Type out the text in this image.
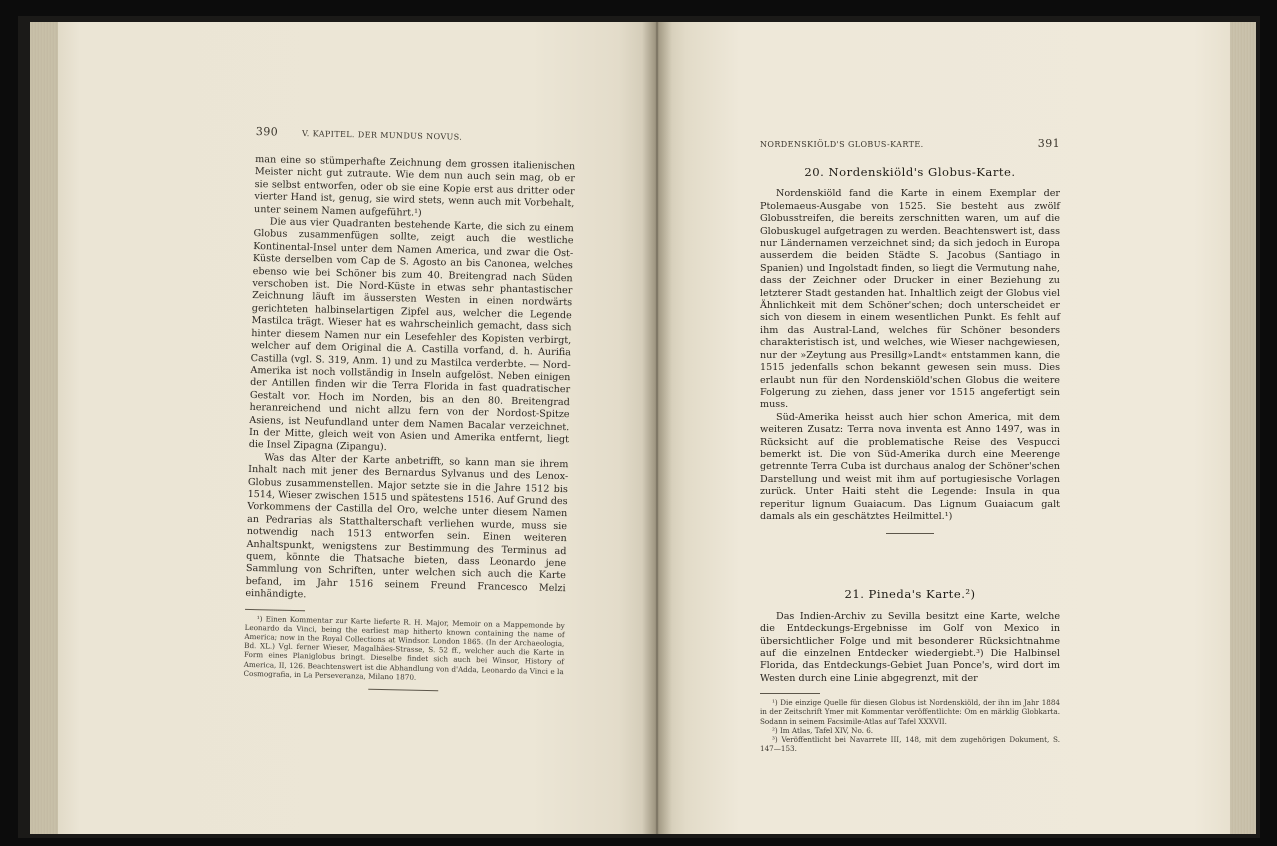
390	V. KAPITEL. DER MUNDUS NOVUS.

man eine so stümperhafte Zeichnung dem grossen italienischen Meister nicht gut zutraute. Wie dem nun auch sein mag, ob er sie selbst entworfen, oder ob sie eine Kopie erst aus dritter oder vierter Hand ist, genug, sie wird stets, wenn auch mit Vorbehalt, unter seinem Namen aufgeführt.¹)

Die aus vier Quadranten bestehende Karte, die sich zu einem Globus zusammenfügen sollte, zeigt auch die westliche Kontinental-Insel unter dem Namen America, und zwar die Ost-Küste derselben vom Cap de S. Agosto an bis Canonea, welches ebenso wie bei Schöner bis zum 40. Breitengrad nach Süden verschoben ist. Die Nord-Küste in etwas sehr phantastischer Zeichnung läuft im äussersten Westen in einen nordwärts gerichteten halbinselartigen Zipfel aus, welcher die Legende Mastilca trägt. Wieser hat es wahrscheinlich gemacht, dass sich hinter diesem Namen nur ein Lesefehler des Kopisten verbirgt, welcher auf dem Original die A. Castilla vorfand, d. h. Aurifia Castilla (vgl. S. 319, Anm. 1) und zu Mastilca verderbte. — Nord-Amerika ist noch vollständig in Inseln aufgelöst. Neben einigen der Antillen finden wir die Terra Florida in fast quadratischer Gestalt vor. Hoch im Norden, bis an den 80. Breitengrad heranreichend und nicht allzu fern von der Nordost-Spitze Asiens, ist Neufundland unter dem Namen Bacalar verzeichnet. In der Mitte, gleich weit von Asien und Amerika entfernt, liegt die Insel Zipagna (Zipangu).

Was das Alter der Karte anbetrifft, so kann man sie ihrem Inhalt nach mit jener des Bernardus Sylvanus und des Lenox-Globus zusammenstellen. Major setzte sie in die Jahre 1512 bis 1514, Wieser zwischen 1515 und spätestens 1516. Auf Grund des Vorkommens der Castilla del Oro, welche unter diesem Namen an Pedrarias als Statthalterschaft verliehen wurde, muss sie notwendig nach 1513 entworfen sein. Einen weiteren Anhaltspunkt, wenigstens zur Bestimmung des Terminus ad quem, könnte die Thatsache bieten, dass Leonardo jene Sammlung von Schriften, unter welchen sich auch die Karte befand, im Jahr 1516 seinem Freund Francesco Melzi einhändigte.

¹) Einen Kommentar zur Karte lieferte R. H. Major, Memoir on a Mappemonde by Leonardo da Vinci, being the earliest map hitherto known containing the name of America; now in the Royal Collections at Windsor. London 1865. (In der Archaeologia, Bd. XL.) Vgl. ferner Wieser, Magalhães-Strasse, S. 52 ff., welcher auch die Karte in Form eines Planiglobus bringt. Dieselbe findet sich auch bei Winsor, History of America, II, 126. Beachtenswert ist die Abhandlung von d'Adda, Leonardo da Vinci e la Cosmografia, in La Perseveranza, Milano 1870.

NORDENSKIÖLD'S GLOBUS-KARTE.	391
20. Nordenskiöld's Globus-Karte.

Nordenskiöld fand die Karte in einem Exemplar der Ptolemaeus-Ausgabe von 1525. Sie besteht aus zwölf Globusstreifen, die bereits zerschnitten waren, um auf die Globuskugel aufgetragen zu werden. Beachtenswert ist, dass nur Ländernamen verzeichnet sind; da sich jedoch in Europa ausserdem die beiden Städte S. Jacobus (Santiago in Spanien) und Ingolstadt finden, so liegt die Vermutung nahe, dass der Zeichner oder Drucker in einer Beziehung zu letzterer Stadt gestanden hat. Inhaltlich zeigt der Globus viel Ähnlichkeit mit dem Schöner'schen; doch unterscheidet er sich von diesem in einem wesentlichen Punkt. Es fehlt auf ihm das Austral-Land, welches für Schöner besonders charakteristisch ist, und welches, wie Wieser nachgewiesen, nur der »Zeytung aus Presillg»Landt« entstammen kann, die 1515 jedenfalls schon bekannt gewesen sein muss. Dies erlaubt nun für den Nordenskiöld'schen Globus die weitere Folgerung zu ziehen, dass jener vor 1515 angefertigt sein muss.

Süd-Amerika heisst auch hier schon America, mit dem weiteren Zusatz: Terra nova inventa est Anno 1497, was in Rücksicht auf die problematische Reise des Vespucci bemerkt ist. Die von Süd-Amerika durch eine Meerenge getrennte Terra Cuba ist durchaus analog der Schöner'schen Darstellung und weist mit ihm auf portugiesische Vorlagen zurück. Unter Haiti steht die Legende: Insula in qua reperitur lignum Guaiacum. Das Lignum Guaiacum galt damals als ein geschätztes Heilmittel.¹)

21. Pineda's Karte.²)

Das Indien-Archiv zu Sevilla besitzt eine Karte, welche die Entdeckungs-Ergebnisse im Golf von Mexico in übersichtlicher Folge und mit besonderer Rücksichtnahme auf die einzelnen Entdecker wiedergiebt.³) Die Halbinsel Florida, das Entdeckungs-Gebiet Juan Ponce's, wird dort im Westen durch eine Linie abgegrenzt, mit der

¹) Die einzige Quelle für diesen Globus ist Nordenskiöld, der ihn im Jahr 1884 in der Zeitschrift Ymer mit Kommentar veröffentlichte: Om en märklig Globkarta. Sodann in seinem Facsimile-Atlas auf Tafel XXXVII.

²) Im Atlas, Tafel XIV, No. 6.

³) Veröffentlicht bei Navarrete III, 148, mit dem zugehörigen Dokument, S. 147—153.
